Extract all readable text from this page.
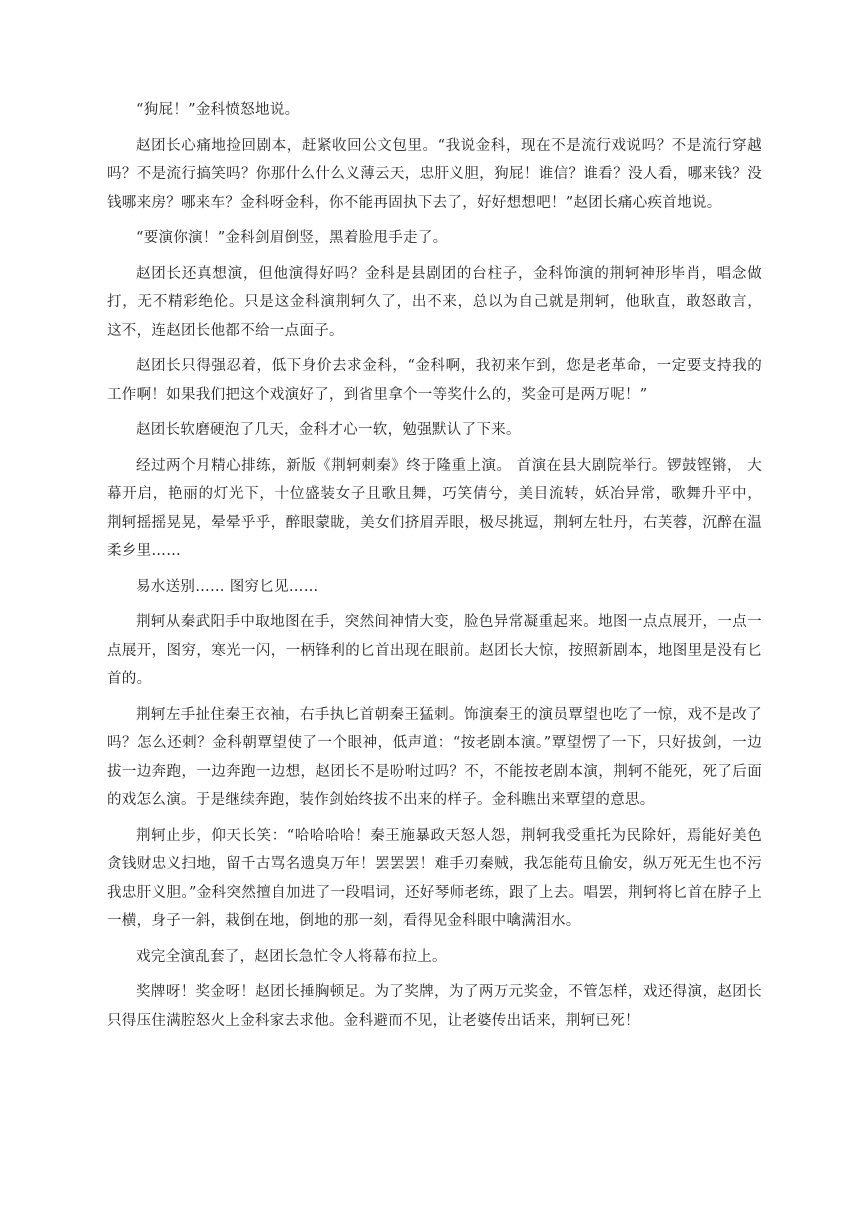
“狗屁！”金科愤怒地说。

赵团长心痛地捡回剧本，赶紧收回公文包里。“我说金科，现在不是流行戏说吗？不是流行穿越吗？不是流行搞笑吗？你那什么什么义薄云天，忠肝义胆，狗屁！谁信？谁看？没人看，哪来钱？没钱哪来房？哪来车？金科呀金科，你不能再固执下去了，好好想想吧！”赵团长痛心疾首地说。

“要演你演！”金科剑眉倒竖，黑着脸甩手走了。

赵团长还真想演，但他演得好吗？金科是县剧团的台柱子，金科饰演的荆轲神形毕肖，唱念做打，无不精彩绝伦。只是这金科演荆轲久了，出不来，总以为自己就是荆轲，他耿直，敢怒敢言， 这不，连赵团长他都不给一点面子。

赵团长只得强忍着，低下身价去求金科，“金科啊，我初来乍到，您是老革命，一定要支持我的工作啊！如果我们把这个戏演好了，到省里拿个一等奖什么的，奖金可是两万呢！”

赵团长软磨硬泡了几天，金科才心一软，勉强默认了下来。

经过两个月精心排练，新版《荆轲刺秦》终于隆重上演。 首演在县大剧院举行。锣鼓铿锵， 大幕开启，艳丽的灯光下，十位盛装女子且歌且舞，巧笑倩兮，美目流转，妖冶异常，歌舞升平中， 荆轲摇摇晃晃，晕晕乎乎，醉眼蒙眬，美女们挤眉弄眼，极尽挑逗，荆轲左牡丹，右芙蓉，沉醉在温柔乡里……

易水送别…… 图穷匕见……

荆轲从秦武阳手中取地图在手，突然间神情大变，脸色异常凝重起来。地图一点点展开，一点一点展开，图穷，寒光一闪，一柄锋利的匕首出现在眼前。赵团长大惊，按照新剧本，地图里是没有匕首的。

荆轲左手扯住秦王衣袖，右手执匕首朝秦王猛刺。饰演秦王的演员覃望也吃了一惊，戏不是改了吗？怎么还刺？金科朝覃望使了一个眼神，低声道：“按老剧本演。”覃望愣了一下，只好拔剑，一边拔一边奔跑，一边奔跑一边想，赵团长不是吩咐过吗？不，不能按老剧本演，荆轲不能死，死了后面的戏怎么演。于是继续奔跑，装作剑始终拔不出来的样子。金科瞧出来覃望的意思。

荆轲止步，仰天长笑：“哈哈哈哈！秦王施暴政天怒人怨，荆轲我受重托为民除奸，焉能好美色贪钱财忠义扫地，留千古骂名遗臭万年！罢罢罢！难手刃秦贼，我怎能苟且偷安，纵万死无生也不污我忠肝义胆。”金科突然擅自加进了一段唱词，还好琴师老练，跟了上去。唱罢，荆轲将匕首在脖子上一横，身子一斜，栽倒在地，倒地的那一刻，看得见金科眼中噙满泪水。

戏完全演乱套了，赵团长急忙令人将幕布拉上。

奖牌呀！奖金呀！赵团长捶胸顿足。为了奖牌，为了两万元奖金，不管怎样，戏还得演，赵团长只得压住满腔怒火上金科家去求他。金科避而不见，让老婆传出话来，荆轲已死！
